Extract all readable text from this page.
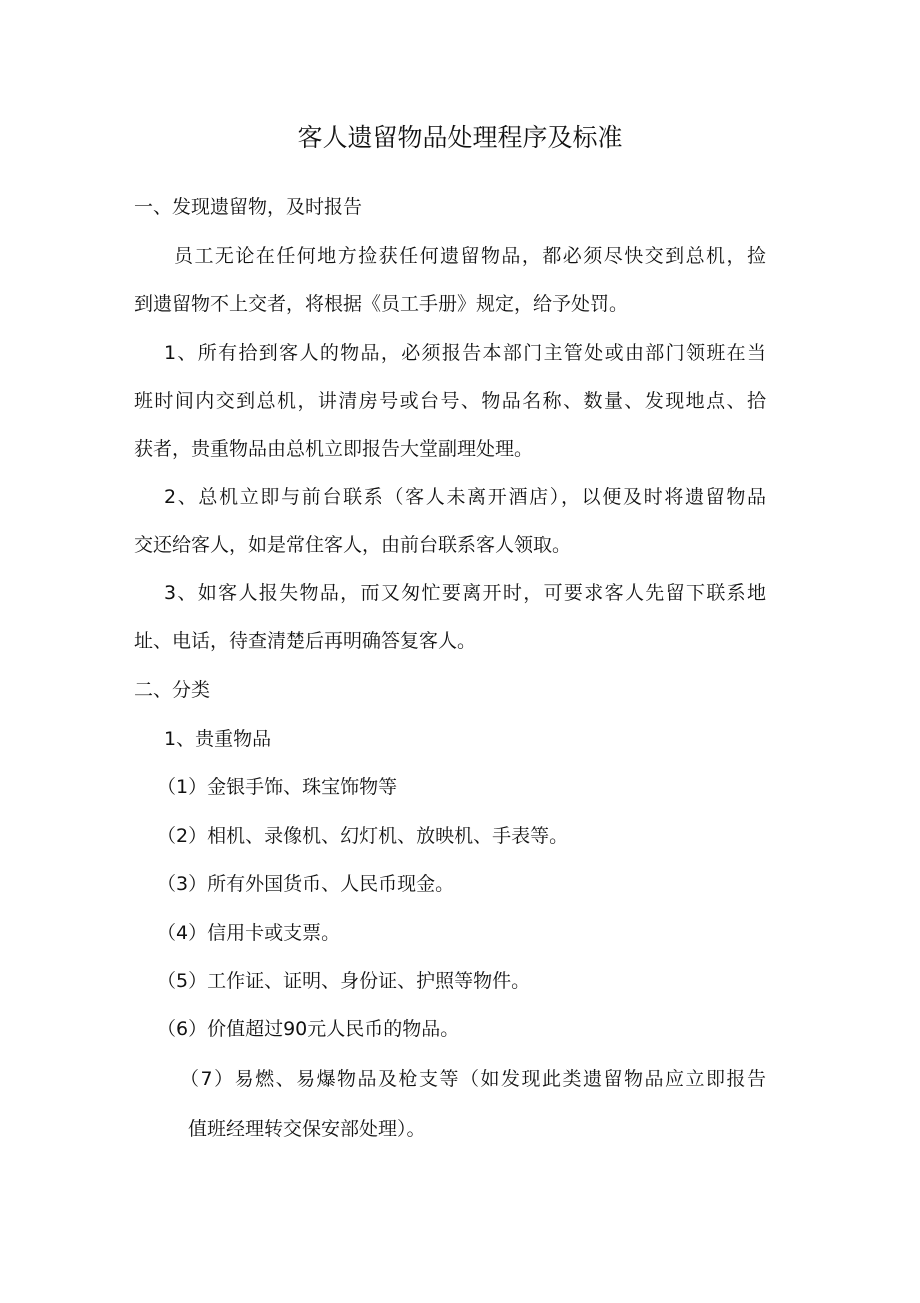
客人遗留物品处理程序及标准
一、发现遗留物，及时报告
员工无论在任何地方捡获任何遗留物品，都必须尽快交到总机，捡
到遗留物不上交者，将根据《员工手册》规定，给予处罚。
1、所有拾到客人的物品，必须报告本部门主管处或由部门领班在当
班时间内交到总机，讲清房号或台号、物品名称、数量、发现地点、拾
获者，贵重物品由总机立即报告大堂副理处理。
2、总机立即与前台联系（客人未离开酒店），以便及时将遗留物品
交还给客人，如是常住客人，由前台联系客人领取。
3、如客人报失物品，而又匆忙要离开时，可要求客人先留下联系地
址、电话，待查清楚后再明确答复客人。
二、分类
1、贵重物品
（1）金银手饰、珠宝饰物等
（2）相机、录像机、幻灯机、放映机、手表等。
（3）所有外国货币、人民币现金。
（4）信用卡或支票。
（5）工作证、证明、身份证、护照等物件。
（6）价值超过90元人民币的物品。
（7）易燃、易爆物品及枪支等（如发现此类遗留物品应立即报告
值班经理转交保安部处理）。
